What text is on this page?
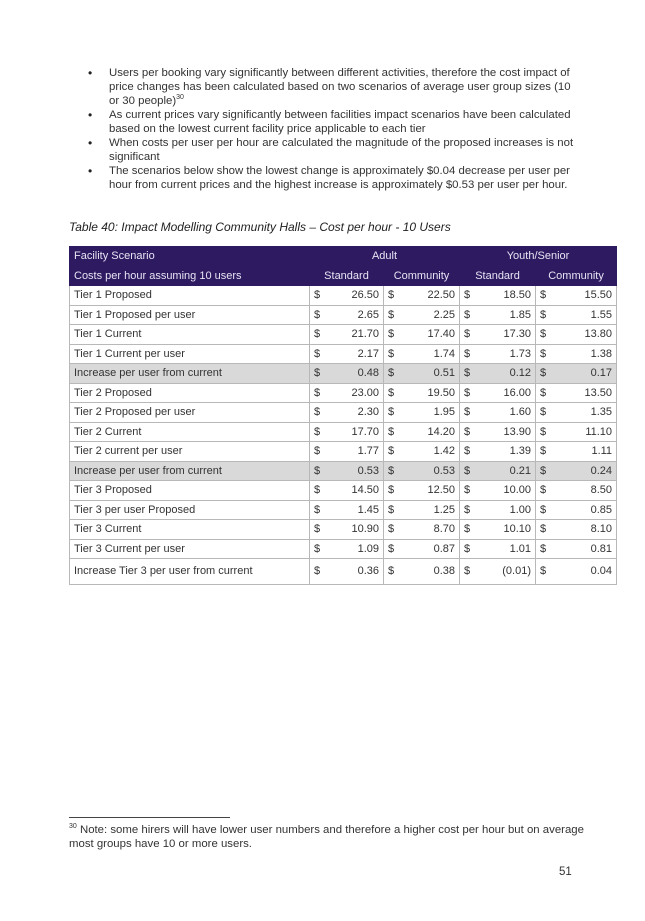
• Users per booking vary significantly between different activities, therefore the cost impact of price changes has been calculated based on two scenarios of average user group sizes (10 or 30 people)$^{30}$
• As current prices vary significantly between facilities impact scenarios have been calculated based on the lowest current facility price applicable to each tier
• When costs per user per hour are calculated the magnitude of the proposed increases is not significant
• The scenarios below show the lowest change is approximately $0.04 decrease per user per hour from current prices and the highest increase is approximately $0.53 per user per hour.
Table 40: Impact Modelling Community Halls – Cost per hour - 10 Users
Facility Scenario	Adult				Youth/Senior			
Costs per hour assuming 10 users	Standard		Community		Standard		Community	
Tier 1 Proposed	$	26.50	$	22.50	$	18.50	$	15.50
Tier 1 Proposed per user	$	2.65	$	2.25	$	1.85	$	1.55
Tier 1 Current	$	21.70	$	17.40	$	17.30	$	13.80
Tier 1 Current per user	$	2.17	$	1.74	$	1.73	$	1.38
Increase per user from current	$	0.48	$	0.51	$	0.12	$	0.17
Tier 2 Proposed	$	23.00	$	19.50	$	16.00	$	13.50
Tier 2 Proposed per user	$	2.30	$	1.95	$	1.60	$	1.35
Tier 2 Current	$	17.70	$	14.20	$	13.90	$	11.10
Tier 2 current per user	$	1.77	$	1.42	$	1.39	$	1.11
Increase per user from current	$	0.53	$	0.53	$	0.21	$	0.24
Tier 3 Proposed	$	14.50	$	12.50	$	10.00	$	8.50
Tier 3 per user Proposed	$	1.45	$	1.25	$	1.00	$	0.85
Tier 3 Current	$	10.90	$	8.70	$	10.10	$	8.10
Tier 3 Current per user	$	1.09	$	0.87	$	1.01	$	0.81
Increase Tier 3 per user from current	$	0.36	$	0.38	$	(0.01)	$	0.04
$^{30}$ Note: some hirers will have lower user numbers and therefore a higher cost per hour but on average most groups have 10 or more users.
51
